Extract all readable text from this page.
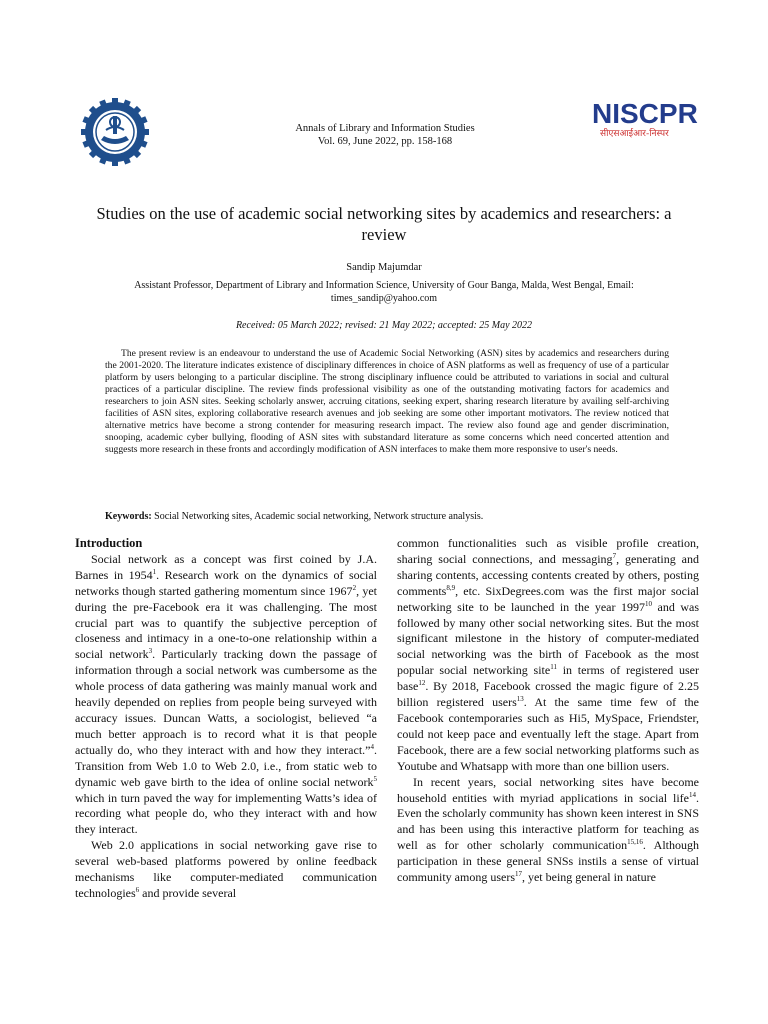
Annals of Library and Information Studies
Vol. 69, June 2022, pp. 158-168
NISCPR
सीएसआईआर-निस्पर
Studies on the use of academic social networking sites by academics and researchers: a review
Sandip Majumdar
Assistant Professor, Department of Library and Information Science, University of Gour Banga, Malda, West Bengal, Email: times_sandip@yahoo.com
Received: 05 March 2022; revised: 21 May 2022; accepted: 25 May 2022
The present review is an endeavour to understand the use of Academic Social Networking (ASN) sites by academics and researchers during the 2001-2020. The literature indicates existence of disciplinary differences in choice of ASN platforms as well as frequency of use of a particular platform by users belonging to a particular discipline. The strong disciplinary influence could be attributed to variations in social and cultural practices of a particular discipline. The review finds professional visibility as one of the outstanding motivating factors for academics and researchers to join ASN sites. Seeking scholarly answer, accruing citations, seeking expert, sharing research literature by availing self-archiving facilities of ASN sites, exploring collaborative research avenues and job seeking are some other important motivators. The review noticed that alternative metrics have become a strong contender for measuring research impact. The review also found age and gender discrimination, snooping, academic cyber bullying, flooding of ASN sites with substandard literature as some concerns which need concerted attention and suggests more research in these fronts and accordingly modification of ASN interfaces to make them more responsive to user's needs.
Keywords: Social Networking sites, Academic social networking, Network structure analysis.
Introduction

Social network as a concept was first coined by J.A. Barnes in 1954$^1$. Research work on the dynamics of social networks though started gathering momentum since 1967$^2$, yet during the pre-Facebook era it was challenging. The most crucial part was to quantify the subjective perception of closeness and intimacy in a one-to-one relationship within a social network$^3$. Particularly tracking down the passage of information through a social network was cumbersome as the whole process of data gathering was mainly manual work and heavily depended on replies from people being surveyed with accuracy issues. Duncan Watts, a sociologist, believed “a much better approach is to record what it is that people actually do, who they interact with and how they interact.”$^4$. Transition from Web 1.0 to Web 2.0, i.e., from static web to dynamic web gave birth to the idea of online social network$^5$ which in turn paved the way for implementing Watts’s idea of recording what people do, who they interact with and how they interact.

Web 2.0 applications in social networking gave rise to several web-based platforms powered by online feedback mechanisms like computer-mediated communication technologies$^6$ and provide several

common functionalities such as visible profile creation, sharing social connections, and messaging$^7$, generating and sharing contents, accessing contents created by others, posting comments$^{8,9}$, etc. SixDegrees.com was the first major social networking site to be launched in the year 1997$^{10}$ and was followed by many other social networking sites. But the most significant milestone in the history of computer-mediated social networking was the birth of Facebook as the most popular social networking site$^{11}$ in terms of registered user base$^{12}$. By 2018, Facebook crossed the magic figure of 2.25 billion registered users$^{13}$. At the same time few of the Facebook contemporaries such as Hi5, MySpace, Friendster, could not keep pace and eventually left the stage. Apart from Facebook, there are a few social networking platforms such as Youtube and Whatsapp with more than one billion users.

In recent years, social networking sites have become household entities with myriad applications in social life$^{14}$. Even the scholarly community has shown keen interest in SNS and has been using this interactive platform for teaching as well as for other scholarly communication$^{15,16}$. Although participation in these general SNSs instils a sense of virtual community among users$^{17}$, yet being general in nature
